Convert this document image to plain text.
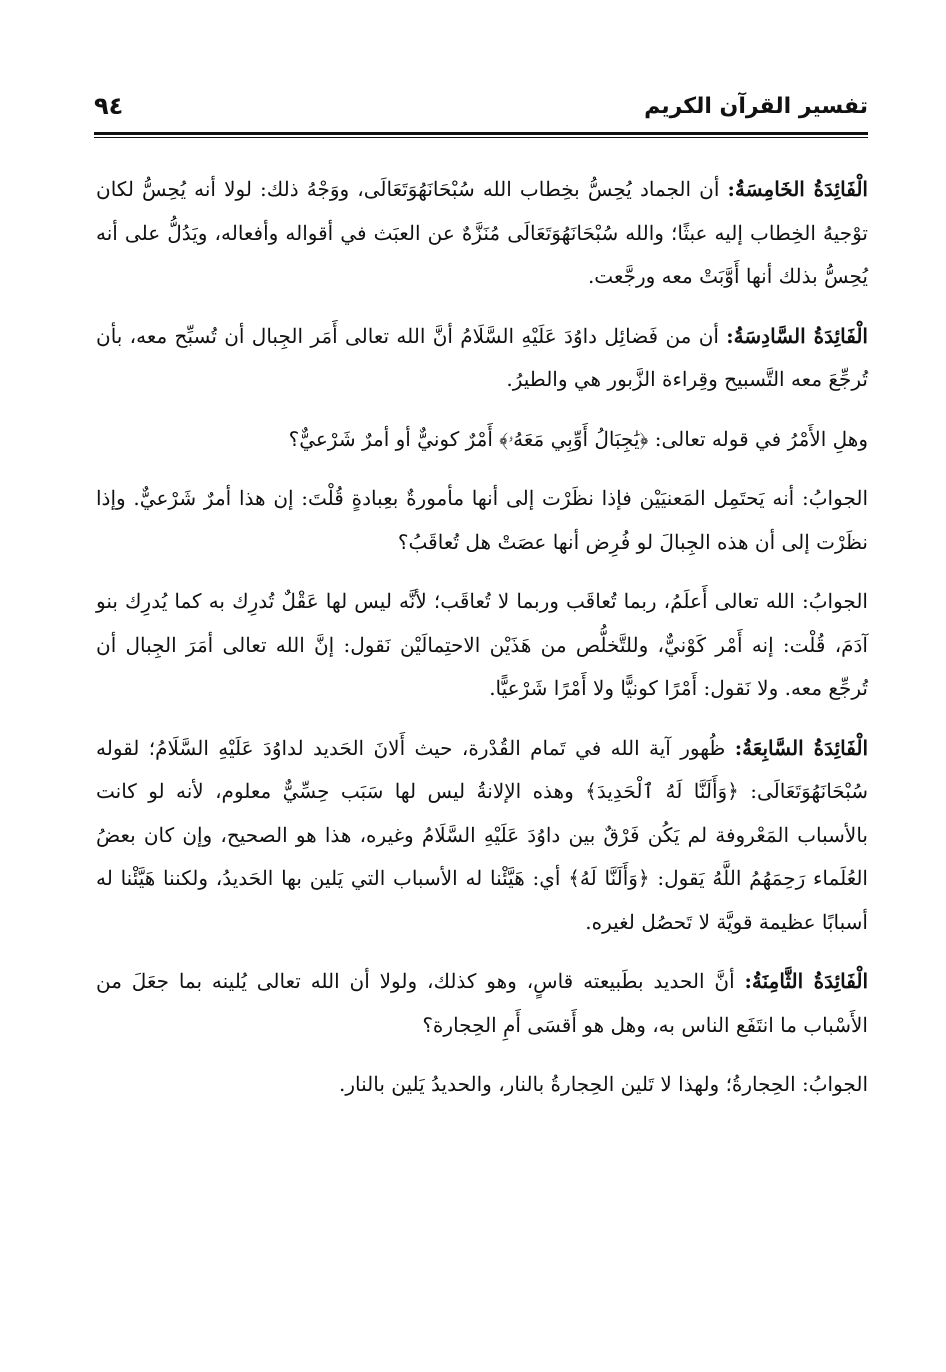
تفسير القرآن الكريم
٩٤

الْفَائِدَةُ الخَامِسَةُ: أن الجماد يُحِسُّ بخِطاب الله سُبْحَانَهُوَتَعَالَى، ووَجْهُ ذلك: لولا أنه يُحِسُّ لكان توْجيهُ الخِطاب إليه عبثًا؛ والله سُبْحَانَهُوَتَعَالَى مُنَزَّهٌ عن العبَث في أقواله وأفعاله، ويَدُلُّ على أنه يُحِسُّ بذلك أنها أَوَّبَتْ معه ورجَّعت.

الْفَائِدَةُ السَّادِسَةُ: أن من فَضائِل داوُدَ عَلَيْهِ السَّلَامُ أنَّ الله تعالى أَمَر الجِبال أن تُسبِّح معه، بأن تُرجِّعَ معه التَّسبيح وقِراءة الزَّبور هي والطيرُ.

وهلِ الأَمْرُ في قوله تعالى: ﴿يَٰجِبَالُ أَوِّبِي مَعَهُۥ﴾ أَمْرٌ كونيٌّ أو أمرٌ شَرْعيٌّ؟

الجوابُ: أنه يَحتَمِل المَعنيَيْن فإذا نظَرْت إلى أنها مأمورةٌ بعِبادةٍ قُلْتَ: إن هذا أمرٌ شَرْعيٌّ. وإذا نظَرْت إلى أن هذه الجِبالَ لو فُرِض أنها عصَتْ هل تُعاقَبُ؟

الجوابُ: الله تعالى أَعلَمُ، ربما تُعاقَب وربما لا تُعاقَب؛ لأنَّه ليس لها عَقْلٌ تُدرِك به كما يُدرِك بنو آدَمَ، قُلْت: إنه أَمْر كَوْنيٌّ، وللتَّخلُّص من هَذَيْن الاحتِمالَيْن نَقول: إنَّ الله تعالى أمَرَ الجِبال أن تُرجِّع معه. ولا نَقول: أَمْرًا كونيًّا ولا أَمْرًا شَرْعيًّا.

الْفَائِدَةُ السَّابِعَةُ: ظُهور آية الله في تَمام القُدْرة، حيث أَلانَ الحَديد لداوُدَ عَلَيْهِ السَّلَامُ؛ لقوله سُبْحَانَهُوَتَعَالَى: ﴿وَأَلَنَّا لَهُ ٱلْحَدِيدَ﴾ وهذه الإلانةُ ليس لها سَبَب حِسِّيٌّ معلوم، لأنه لو كانت بالأسباب المَعْروفة لم يَكُن فَرْقٌ بين داوُدَ عَلَيْهِ السَّلَامُ وغيره، هذا هو الصحيح، وإن كان بعضُ العُلَماء رَحِمَهُمُ اللَّهُ يَقول: ﴿وَأَلَنَّا لَهُ﴾ أي: هَيَّئْنا له الأسباب التي يَلين بها الحَديدُ، ولكننا هَيَّئْنا له أسبابًا عظيمة قويَّة لا تَحصُل لغيره.

الْفَائِدَةُ الثَّامِنَةُ: أنَّ الحديد بطَبيعته قاسٍ، وهو كذلك، ولولا أن الله تعالى يُلينه بما جعَلَ من الأَسْباب ما انتَفَع الناس به، وهل هو أَقسَى أَمِ الحِجارة؟

الجوابُ: الحِجارةُ؛ ولهذا لا تَلين الحِجارةُ بالنار، والحديدُ يَلين بالنار.
